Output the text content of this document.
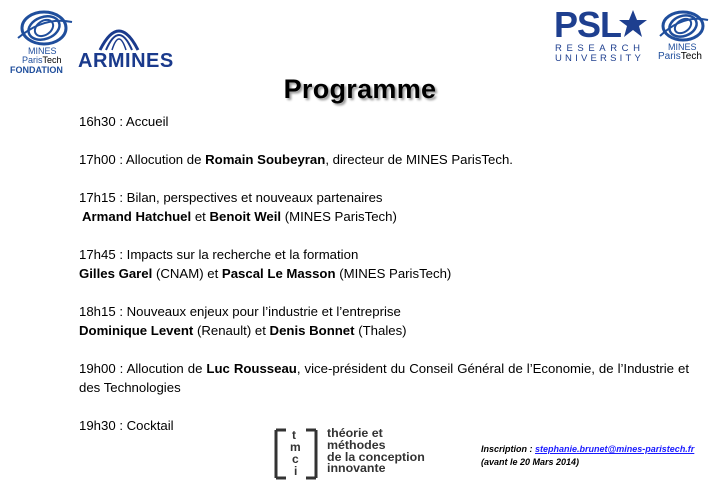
MINES
ParisTech
FONDATION ARMINES
PSL
RESEARCH
UNIVERSITY
MINES
ParisTech
Programme

16h30 : Accueil

17h00 : Allocution de Romain Soubeyran, directeur de MINES ParisTech.

17h15 : Bilan, perspectives et nouveaux partenaires

Armand Hatchuel et Benoit Weil (MINES ParisTech)

17h45 : Impacts sur la recherche et la formation

Gilles Garel (CNAM) et Pascal Le Masson (MINES ParisTech)

18h15 : Nouveaux enjeux pour l’industrie et l’entreprise

Dominique Levent (Renault) et Denis Bonnet (Thales)

19h00 : Allocution de Luc Rousseau, vice-président du Conseil Général de l’Economie, de l’Industrie et des Technologies

19h30 : Cocktail

t
m
c
i
théorie et
méthodes
de la conception
innovante
Inscription : stephanie.brunet@mines-paristech.fr
(avant le 20 Mars 2014)
